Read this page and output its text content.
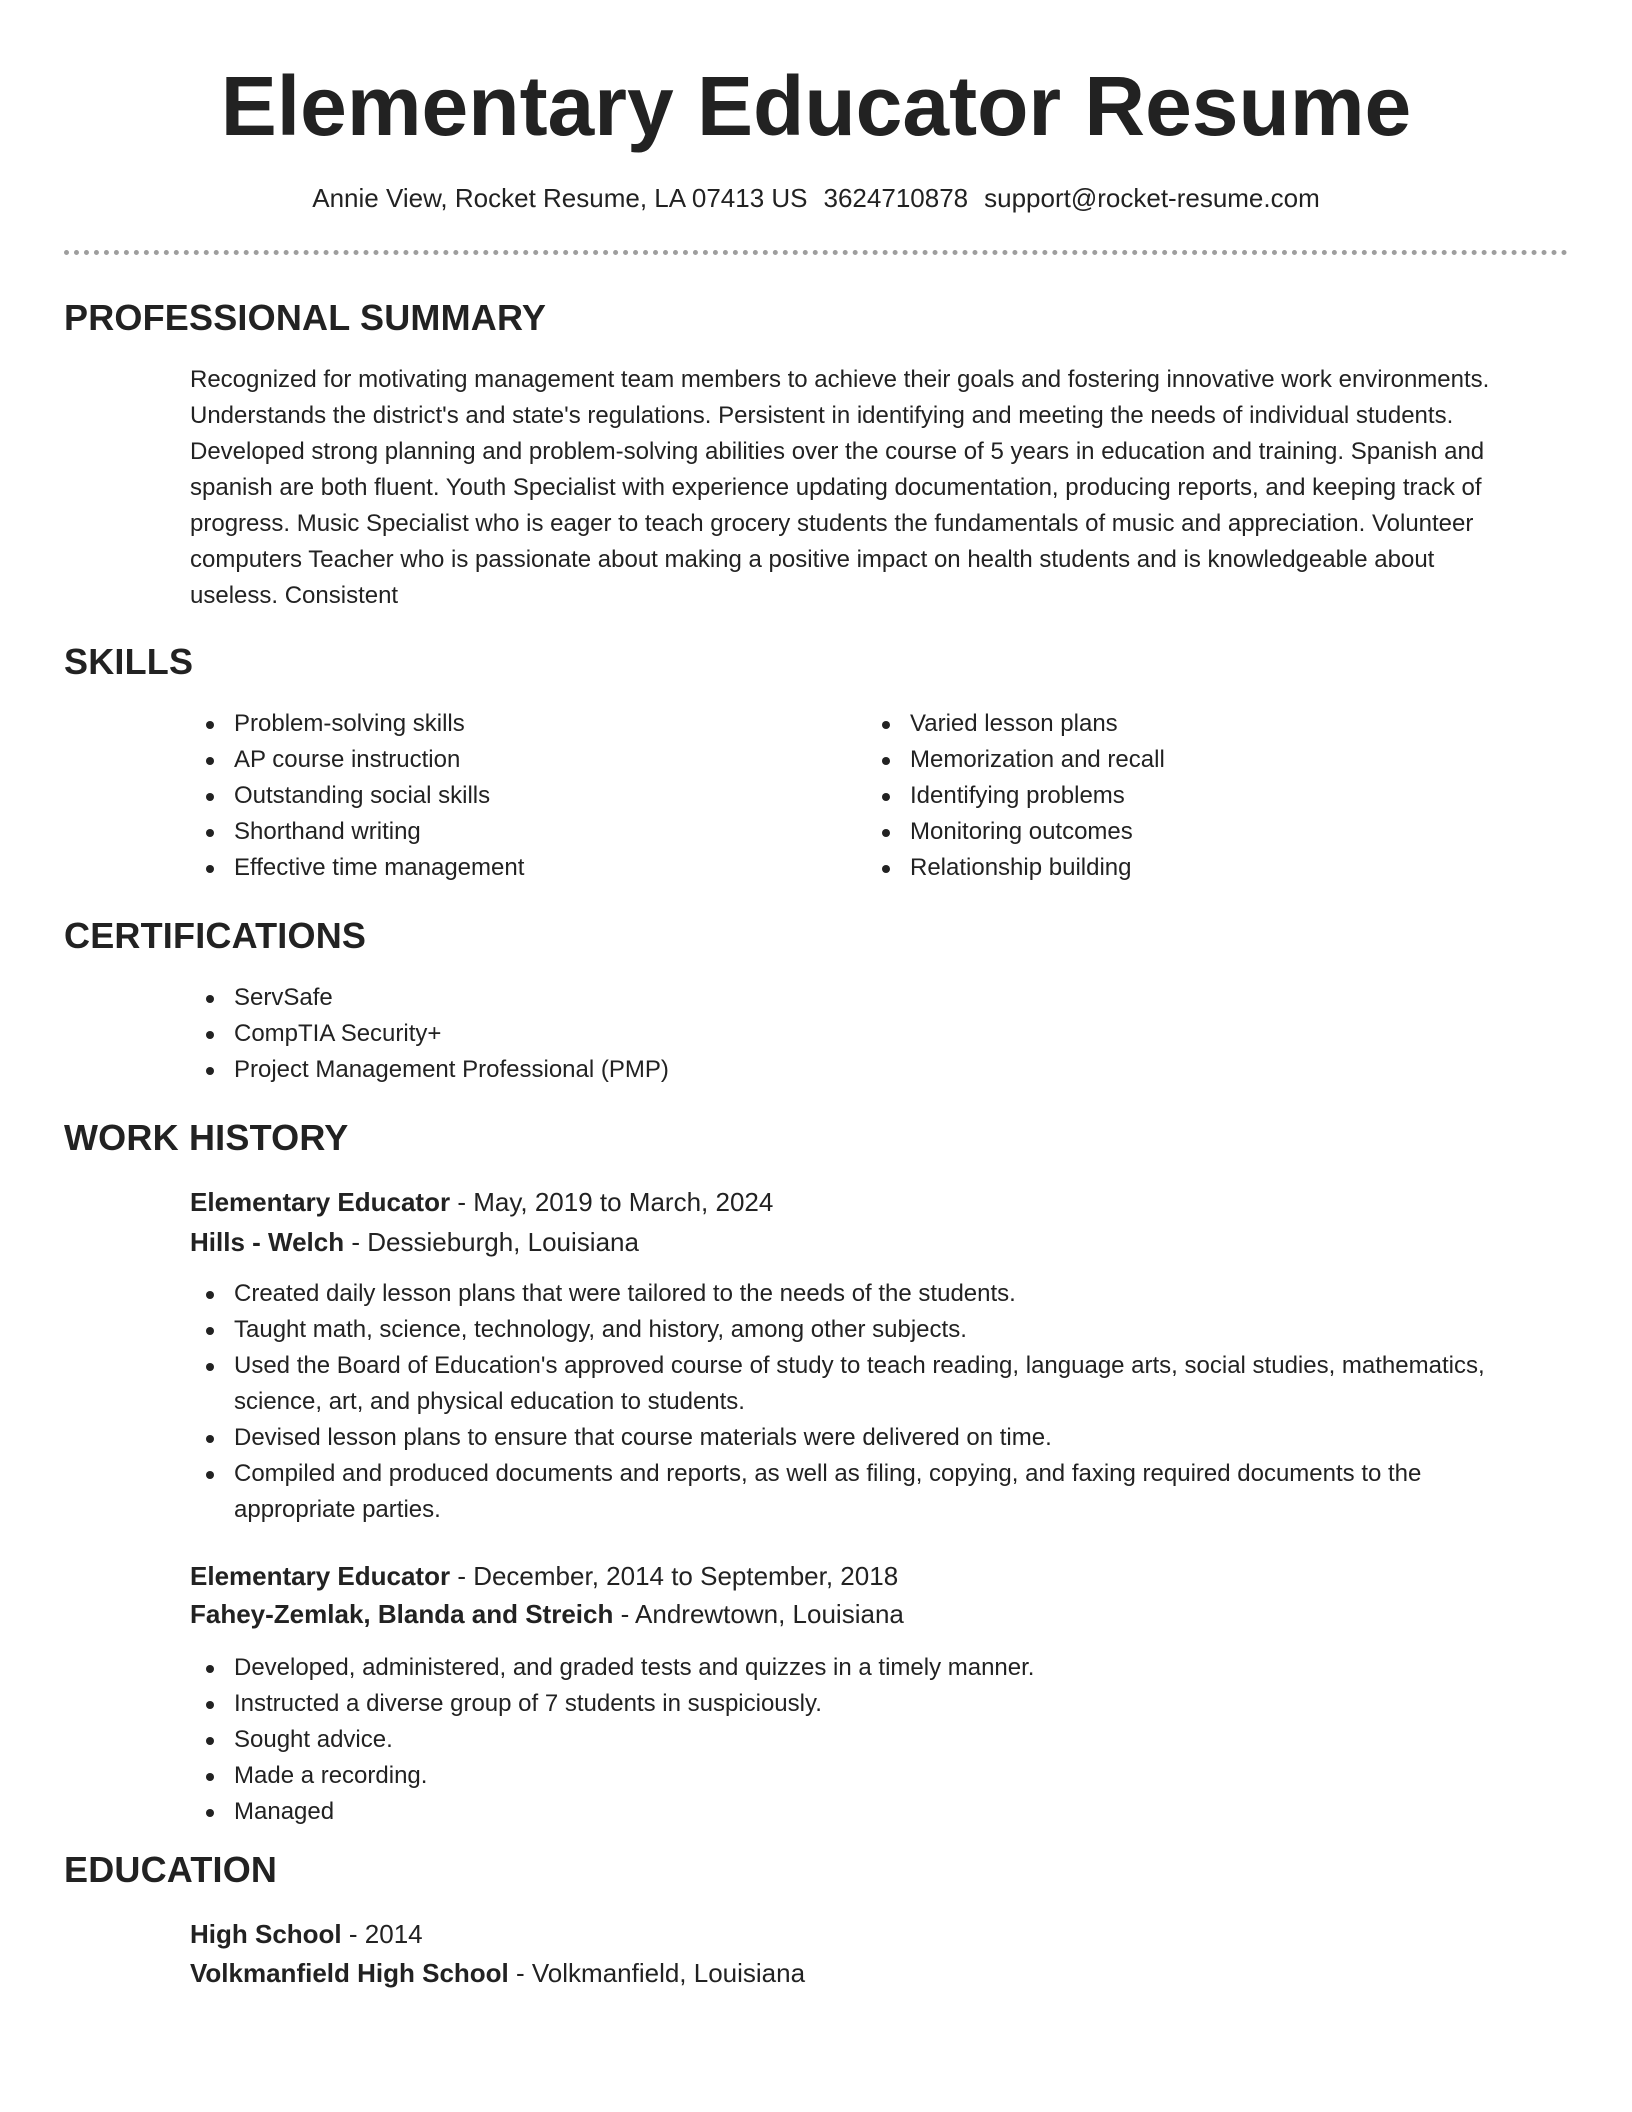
Elementary Educator Resume
Annie View, Rocket Resume, LA 07413 US 3624710878 support@rocket-resume.com
PROFESSIONAL SUMMARY
Recognized for motivating management team members to achieve their goals and fostering innovative work environments.
Understands the district's and state's regulations. Persistent in identifying and meeting the needs of individual students.
Developed strong planning and problem-solving abilities over the course of 5 years in education and training. Spanish and
spanish are both fluent. Youth Specialist with experience updating documentation, producing reports, and keeping track of
progress. Music Specialist who is eager to teach grocery students the fundamentals of music and appreciation. Volunteer
computers Teacher who is passionate about making a positive impact on health students and is knowledgeable about
useless. Consistent
SKILLS
Problem-solving skills
AP course instruction
Outstanding social skills
Shorthand writing
Effective time management
Varied lesson plans
Memorization and recall
Identifying problems
Monitoring outcomes
Relationship building
CERTIFICATIONS
ServSafe
CompTIA Security+
Project Management Professional (PMP)
WORK HISTORY
Elementary Educator - May, 2019 to March, 2024
Hills - Welch - Dessieburgh, Louisiana
Created daily lesson plans that were tailored to the needs of the students.
Taught math, science, technology, and history, among other subjects.
Used the Board of Education's approved course of study to teach reading, language arts, social studies, mathematics,
science, art, and physical education to students.
Devised lesson plans to ensure that course materials were delivered on time.
Compiled and produced documents and reports, as well as filing, copying, and faxing required documents to the
appropriate parties.
Elementary Educator - December, 2014 to September, 2018
Fahey-Zemlak, Blanda and Streich - Andrewtown, Louisiana
Developed, administered, and graded tests and quizzes in a timely manner.
Instructed a diverse group of 7 students in suspiciously.
Sought advice.
Made a recording.
Managed
EDUCATION
High School - 2014
Volkmanfield High School - Volkmanfield, Louisiana
